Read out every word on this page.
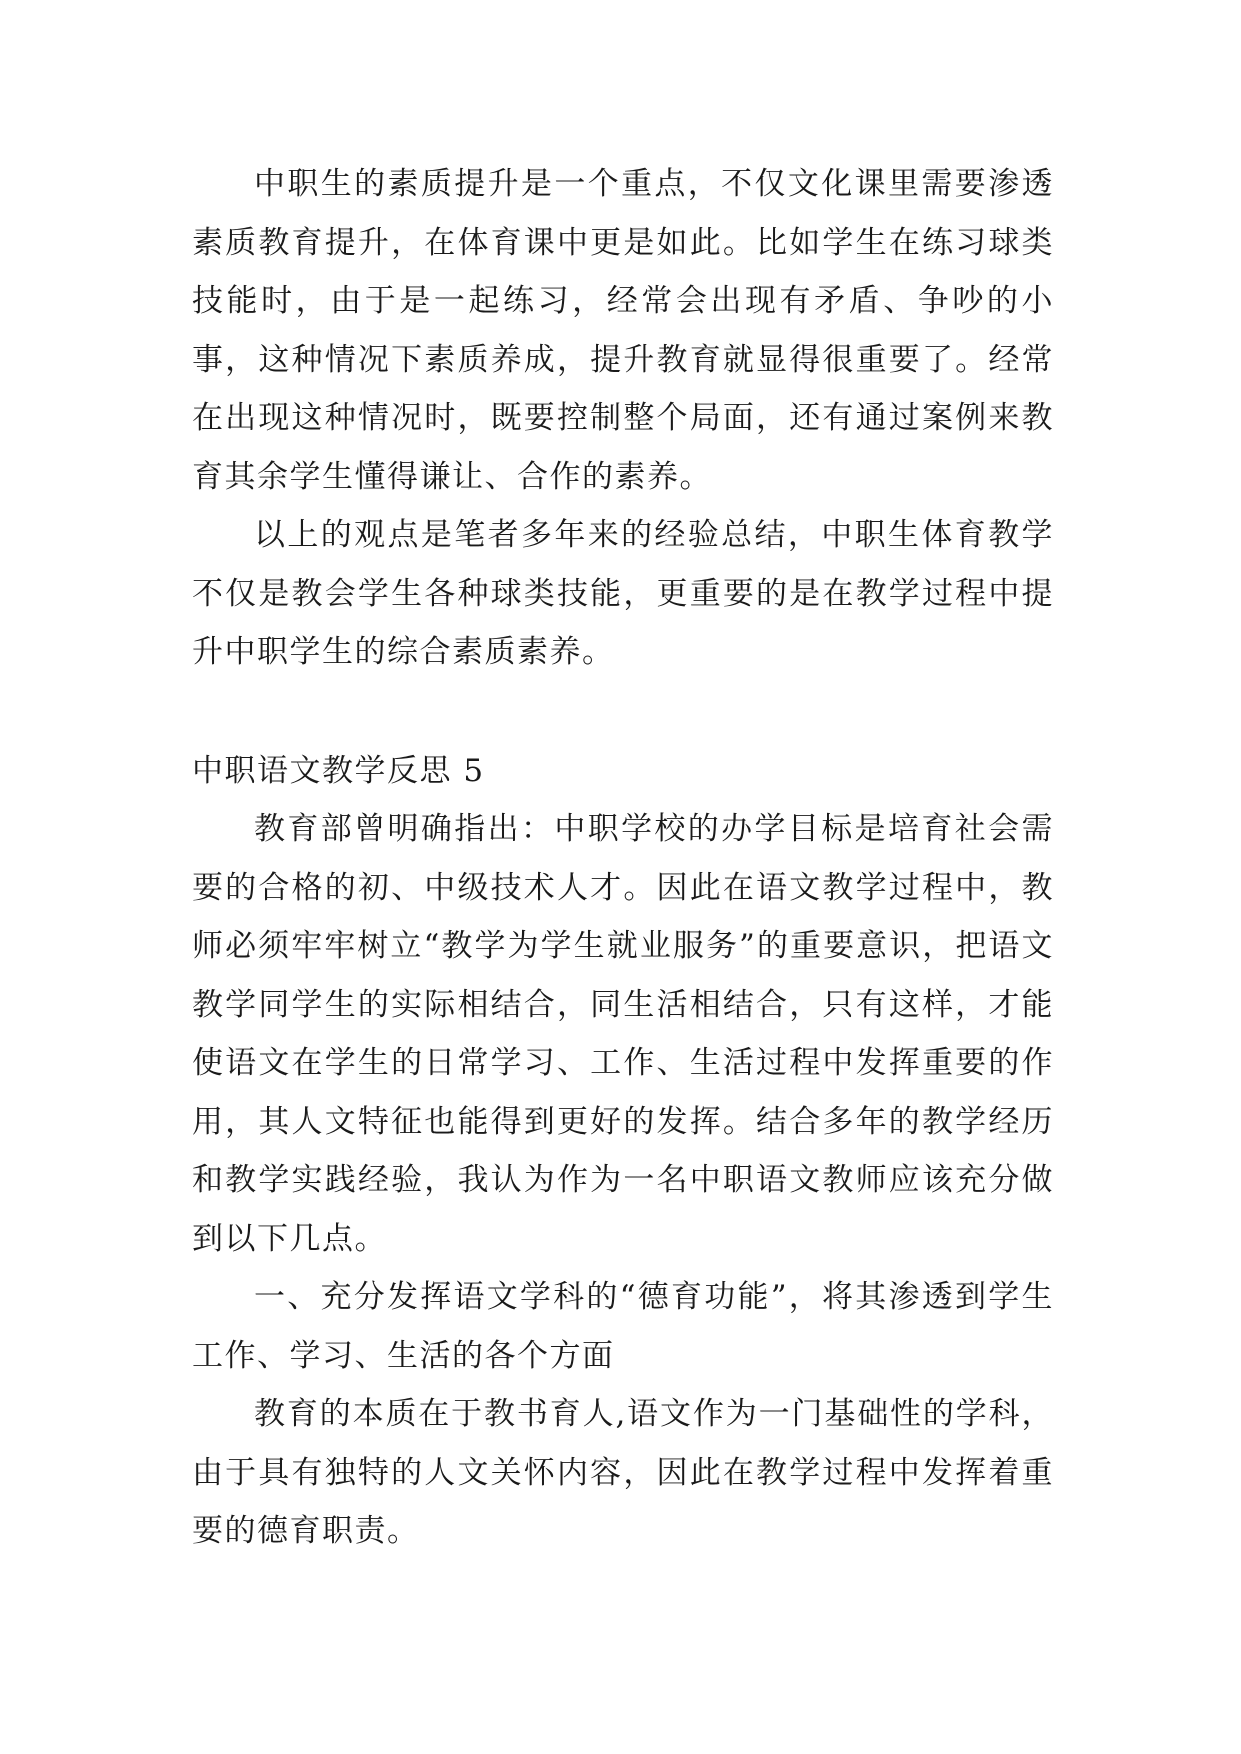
中职生的素质提升是一个重点，不仅文化课里需要渗透素质教育提升，在体育课中更是如此。比如学生在练习球类技能时，由于是一起练习，经常会出现有矛盾、争吵的小事，这种情况下素质养成，提升教育就显得很重要了。经常在出现这种情况时，既要控制整个局面，还有通过案例来教育其余学生懂得谦让、合作的素养。

以上的观点是笔者多年来的经验总结，中职生体育教学不仅是教会学生各种球类技能，更重要的是在教学过程中提升中职学生的综合素质素养。

中职语文教学反思 5

教育部曾明确指出：中职学校的办学目标是培育社会需要的合格的初、中级技术人才。因此在语文教学过程中，教师必须牢牢树立“教学为学生就业服务”的重要意识，把语文教学同学生的实际相结合，同生活相结合，只有这样，才能使语文在学生的日常学习、工作、生活过程中发挥重要的作用，其人文特征也能得到更好的发挥。结合多年的教学经历和教学实践经验，我认为作为一名中职语文教师应该充分做到以下几点。

一、充分发挥语文学科的“德育功能”，将其渗透到学生工作、学习、生活的各个方面

教育的本质在于教书育人,语文作为一门基础性的学科，由于具有独特的人文关怀内容，因此在教学过程中发挥着重要的德育职责。
